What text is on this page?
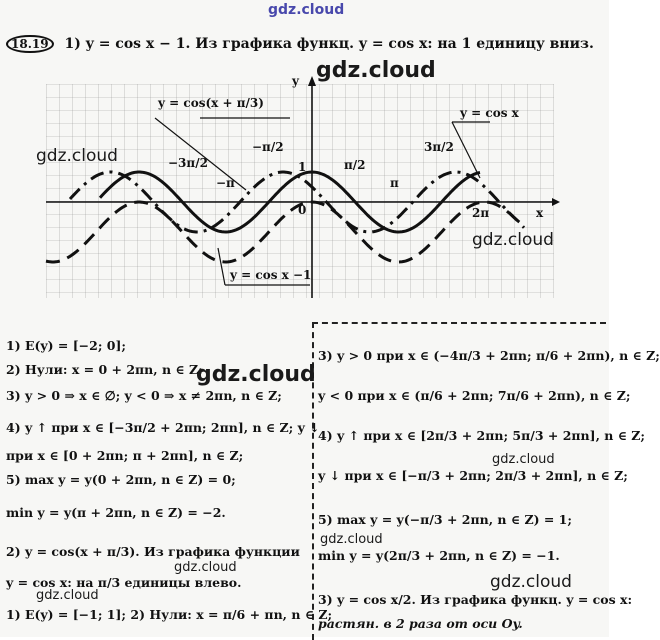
gdz.cloud
18.19 1) y = cos x − 1. Из графика функц. y = cos x: на 1 единицу вниз.
y = cos(x + π/3)
y = cos x
y = cos x −1
y
x
0
1
−3π/2
−π
−π/2
π/2
π
3π/2
2π
1) E(y) = [−2; 0];
2) Нули: x = 0 + 2πn, n ∈ Z;
3) y > 0 ⇒ x ∈ ∅; y < 0 ⇒ x ≠ 2πn, n ∈ Z;
4) y ↑ при x ∈ [−3π/2 + 2πn; 2πn], n ∈ Z; y ↓
при x ∈ [0 + 2πn; π + 2πn], n ∈ Z;
5) max y = y(0 + 2πn, n ∈ Z) = 0;
min y = y(π + 2πn, n ∈ Z) = −2.
2) y = cos(x + π/3). Из графика функции
y = cos x: на π/3 единицы влево.
1) E(y) = [−1; 1]; 2) Нули: x = π/6 + πn, n ∈ Z;
3) y > 0 при x ∈ (−4π/3 + 2πn; π/6 + 2πn), n ∈ Z;
y < 0 при x ∈ (π/6 + 2πn; 7π/6 + 2πn), n ∈ Z;
4) y ↑ при x ∈ [2π/3 + 2πn; 5π/3 + 2πn], n ∈ Z;
y ↓ при x ∈ [−π/3 + 2πn; 2π/3 + 2πn], n ∈ Z;
5) max y = y(−π/3 + 2πn, n ∈ Z) = 1;
min y = y(2π/3 + 2πn, n ∈ Z) = −1.
3) y = cos x/2. Из графика функц. y = cos x:
растян. в 2 раза от оси Oy.
gdz.cloud
gdz.cloud
gdz.cloud
gdz.cloud
gdz.cloud
gdz.cloud
gdz.cloud
gdz.cloud
gdz.cloud
